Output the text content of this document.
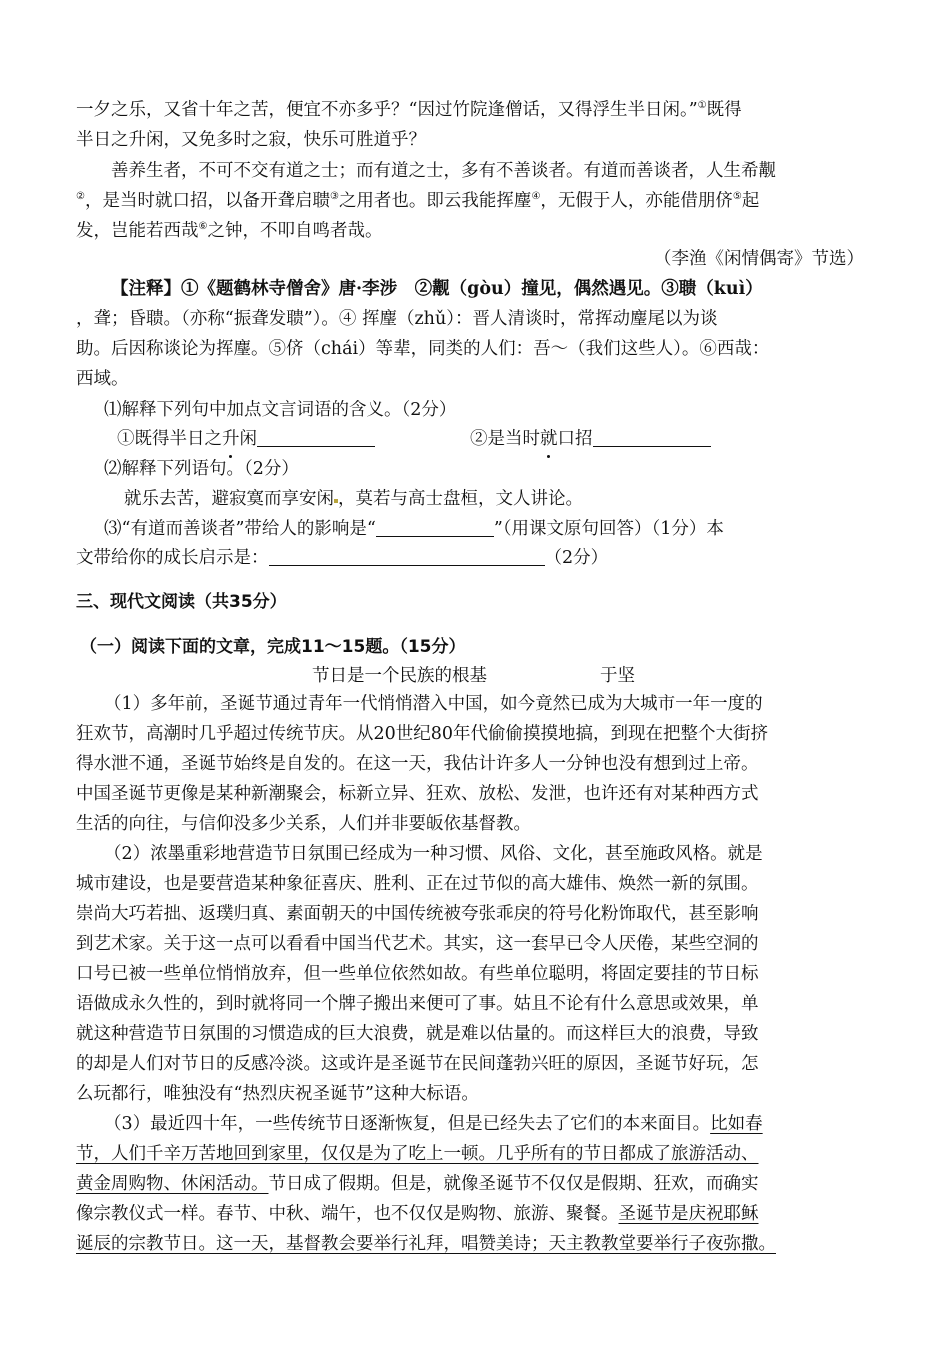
一夕之乐，又省十年之苦，便宜不亦多乎？“因过竹院逢僧话，又得浮生半日闲。”①既得
半日之升闲，又免多时之寂，快乐可胜道乎？
善养生者，不可不交有道之士；而有道之士，多有不善谈者。有道而善谈者，人生希觏
②，是当时就口招，以备开聋启聩③之用者也。即云我能挥麈④，无假于人，亦能借朋侪⑤起
发，岂能若西哉⑥之钟，不叩自鸣者哉。
（李渔《闲情偶寄》节选）
【注释】①《题鹤林寺僧舍》唐·李涉　②觏（gòu）撞见，偶然遇见。③聩（kuì）
，聋；昏聩。（亦称“振聋发聩”）。④ 挥麈（zhǔ）：晋人清谈时，常挥动麈尾以为谈
助。后因称谈论为挥麈。⑤侪（chái）等辈，同类的人们：吾～（我们这些人）。⑥西哉：
西域。
⑴解释下列句中加点文言词语的含义。（2分）
①既得半日之升闲	②是当时就口招
⑵解释下列语句。（2分）
就乐去苦，避寂寞而享安闲 ，莫若与高士盘桓，文人讲论。
⑶“有道而善谈者”带给人的影响是“	”（用课文原句回答）（1分）本
文带给你的成长启示是：	（2分）
三、现代文阅读（共35分）
（一）阅读下面的文章，完成11～15题。（15分）
节日是一个民族的根基	于坚
（1）多年前，圣诞节通过青年一代悄悄潜入中国，如今竟然已成为大城市一年一度的
狂欢节，高潮时几乎超过传统节庆。从20世纪80年代偷偷摸摸地搞，到现在把整个大街挤
得水泄不通，圣诞节始终是自发的。在这一天，我估计许多人一分钟也没有想到过上帝。
中国圣诞节更像是某种新潮聚会，标新立异、狂欢、放松、发泄，也许还有对某种西方式
生活的向往，与信仰没多少关系，人们并非要皈依基督教。
（2）浓墨重彩地营造节日氛围已经成为一种习惯、风俗、文化，甚至施政风格。就是
城市建设，也是要营造某种象征喜庆、胜利、正在过节似的高大雄伟、焕然一新的氛围。
崇尚大巧若拙、返璞归真、素面朝天的中国传统被夸张乖戾的符号化粉饰取代，甚至影响
到艺术家。关于这一点可以看看中国当代艺术。其实，这一套早已令人厌倦，某些空洞的
口号已被一些单位悄悄放弃，但一些单位依然如故。有些单位聪明，将固定要挂的节日标
语做成永久性的，到时就将同一个牌子搬出来便可了事。姑且不论有什么意思或效果，单
就这种营造节日氛围的习惯造成的巨大浪费，就是难以估量的。而这样巨大的浪费，导致
的却是人们对节日的反感冷淡。这或许是圣诞节在民间蓬勃兴旺的原因，圣诞节好玩，怎
么玩都行，唯独没有“热烈庆祝圣诞节”这种大标语。
（3）最近四十年，一些传统节日逐渐恢复，但是已经失去了它们的本来面目。比如春
节，人们千辛万苦地回到家里，仅仅是为了吃上一顿。几乎所有的节日都成了旅游活动、
黄金周购物、休闲活动。节日成了假期。但是，就像圣诞节不仅仅是假期、狂欢，而确实
像宗教仪式一样。春节、中秋、端午，也不仅仅是购物、旅游、聚餐。圣诞节是庆祝耶稣
诞辰的宗教节日。这一天，基督教会要举行礼拜，唱赞美诗；天主教教堂要举行子夜弥撒。
